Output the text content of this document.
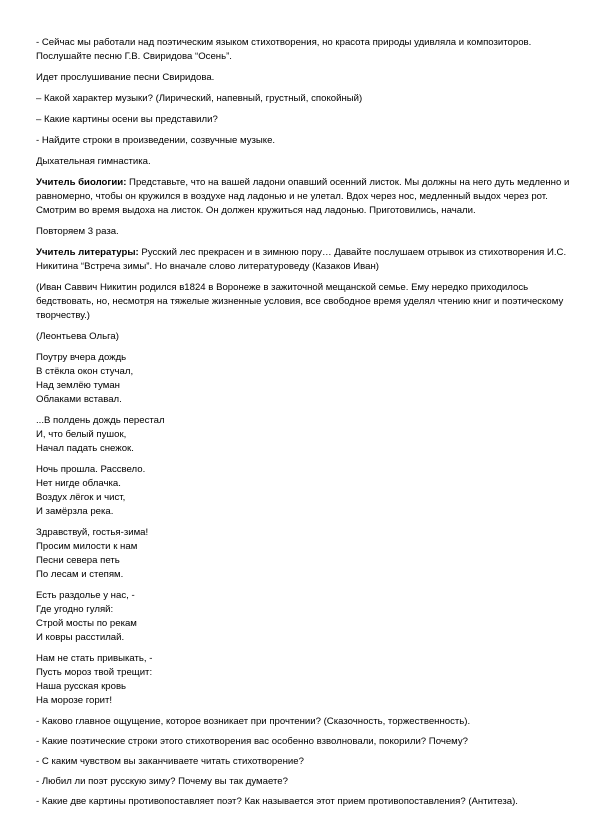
- Сейчас мы работали над поэтическим языком стихотворения, но красота природы удивляла и композиторов. Послушайте песню Г.В. Свиридова “Осень”.

Идет прослушивание песни Свиридова.

– Какой характер музыки? (Лирический, напевный, грустный, спокойный)

– Какие картины осени вы представили?

- Найдите строки в произведении, созвучные музыке.

Дыхательная гимнастика.

Учитель биологии: Представьте, что на вашей ладони опавший осенний листок. Мы должны на него дуть медленно и равномерно, чтобы он кружился в воздухе над ладонью и не улетал. Вдох через нос, медленный выдох через рот. Смотрим во время выдоха на листок. Он должен кружиться над ладонью. Приготовились, начали.

Повторяем 3 раза.

Учитель литературы: Русский лес прекрасен и в зимнюю пору… Давайте послушаем отрывок из стихотворения И.С. Никитина “Встреча зимы”. Но вначале слово литературоведу (Казаков Иван)

(Иван Саввич Никитин родился в1824 в Воронеже в зажиточной мещанской семье. Ему нередко приходилось бедствовать, но, несмотря на тяжелые жизненные условия, все свободное время уделял чтению книг и поэтическому творчеству.)

(Леонтьева Ольга)

Поутру вчера дождь
В стёкла окон стучал,
Над землёю туман
Облаками вставал.
...В полдень дождь перестал
И, что белый пушок,
Начал падать снежок.
Ночь прошла. Рассвело.
Нет нигде облачка.
Воздух лёгок и чист,
И замёрзла река.
Здравствуй, гостья-зима!
Просим милости к нам
Песни севера петь
По лесам и степям.
Есть раздолье у нас, -
Где угодно гуляй:
Строй мосты по рекам
И ковры расстилай.
Нам не стать привыкать, -
Пусть мороз твой трещит:
Наша русская кровь
На морозе горит!

- Каково главное ощущение, которое возникает при прочтении? (Сказочность, торжественность).

- Какие поэтические строки этого стихотворения вас особенно взволновали, покорили? Почему?

- С каким чувством вы заканчиваете читать стихотворение?

- Любил ли поэт русскую зиму? Почему вы так думаете?

- Какие две картины противопоставляет поэт? Как называется этот прием противопоставления? (Антитеза).
